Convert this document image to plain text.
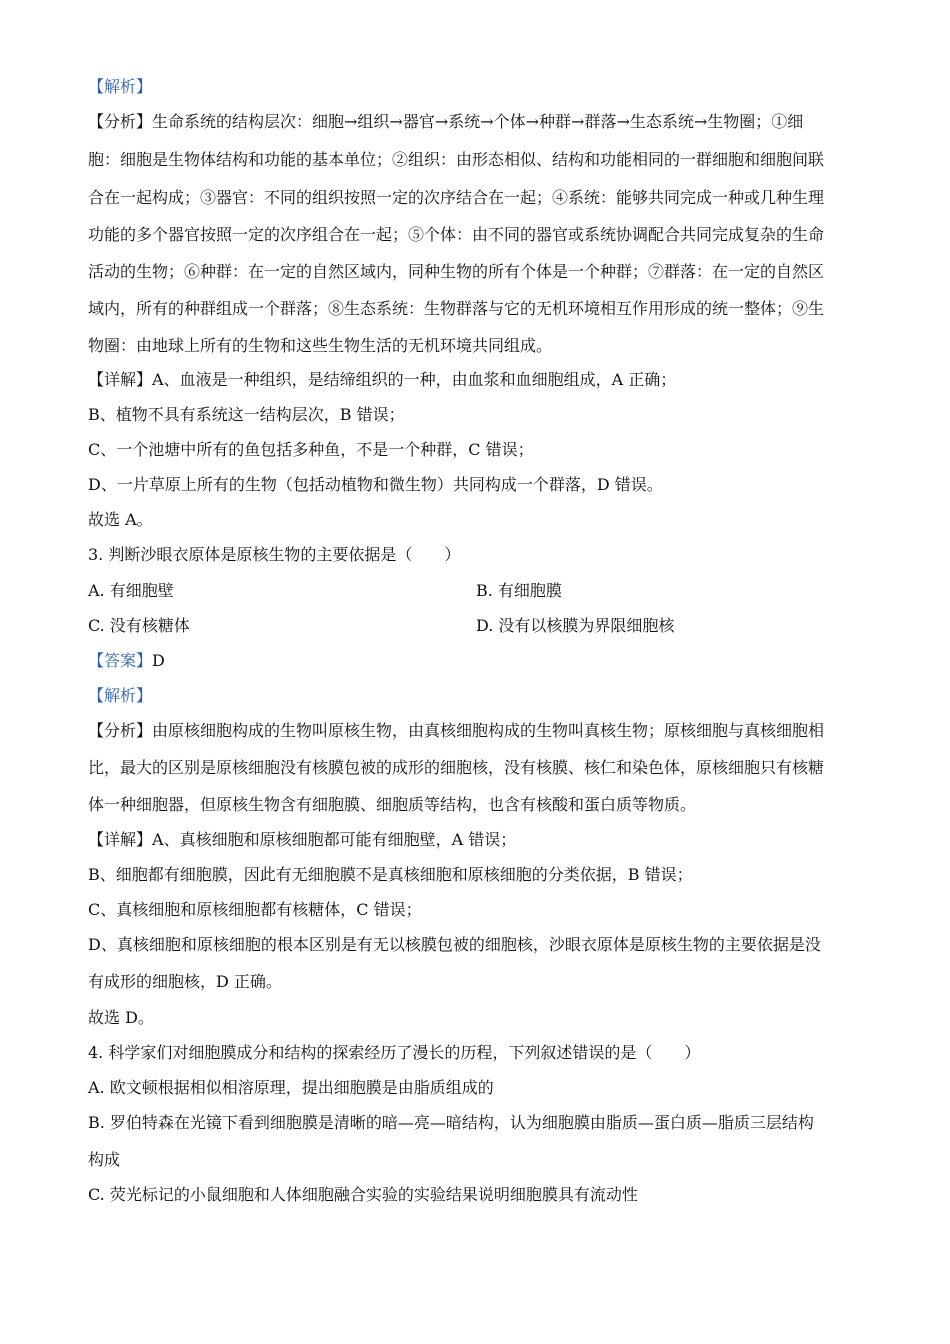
【解析】
【分析】生命系统的结构层次：细胞→组织→器官→系统→个体→种群→群落→生态系统→生物圈；①细
胞：细胞是生物体结构和功能的基本单位；②组织：由形态相似、结构和功能相同的一群细胞和细胞间联
合在一起构成；③器官：不同的组织按照一定的次序结合在一起；④系统：能够共同完成一种或几种生理
功能的多个器官按照一定的次序组合在一起；⑤个体：由不同的器官或系统协调配合共同完成复杂的生命
活动的生物；⑥种群：在一定的自然区域内，同种生物的所有个体是一个种群；⑦群落：在一定的自然区
域内，所有的种群组成一个群落；⑧生态系统：生物群落与它的无机环境相互作用形成的统一整体；⑨生
物圈：由地球上所有的生物和这些生物生活的无机环境共同组成。
【详解】A、血液是一种组织，是结缔组织的一种，由血浆和血细胞组成，A 正确；
B、植物不具有系统这一结构层次，B 错误；
C、一个池塘中所有的鱼包括多种鱼，不是一个种群，C 错误；
D、一片草原上所有的生物（包括动植物和微生物）共同构成一个群落，D 错误。
故选 A。
3. 判断沙眼衣原体是原核生物的主要依据是（　　）
A. 有细胞壁	B. 有细胞膜
C. 没有核糖体	D. 没有以核膜为界限细胞核
【答案】D
【解析】
【分析】由原核细胞构成的生物叫原核生物，由真核细胞构成的生物叫真核生物；原核细胞与真核细胞相
比，最大的区别是原核细胞没有核膜包被的成形的细胞核，没有核膜、核仁和染色体，原核细胞只有核糖
体一种细胞器，但原核生物含有细胞膜、细胞质等结构，也含有核酸和蛋白质等物质。
【详解】A、真核细胞和原核细胞都可能有细胞壁，A 错误；
B、细胞都有细胞膜，因此有无细胞膜不是真核细胞和原核细胞的分类依据，B 错误；
C、真核细胞和原核细胞都有核糖体，C 错误；
D、真核细胞和原核细胞的根本区别是有无以核膜包被的细胞核，沙眼衣原体是原核生物的主要依据是没
有成形的细胞核，D 正确。
故选 D。
4. 科学家们对细胞膜成分和结构的探索经历了漫长的历程，下列叙述错误的是（　　）
A. 欧文顿根据相似相溶原理，提出细胞膜是由脂质组成的
B. 罗伯特森在光镜下看到细胞膜是清晰的暗—亮—暗结构，认为细胞膜由脂质—蛋白质—脂质三层结构
构成
C. 荧光标记的小鼠细胞和人体细胞融合实验的实验结果说明细胞膜具有流动性
